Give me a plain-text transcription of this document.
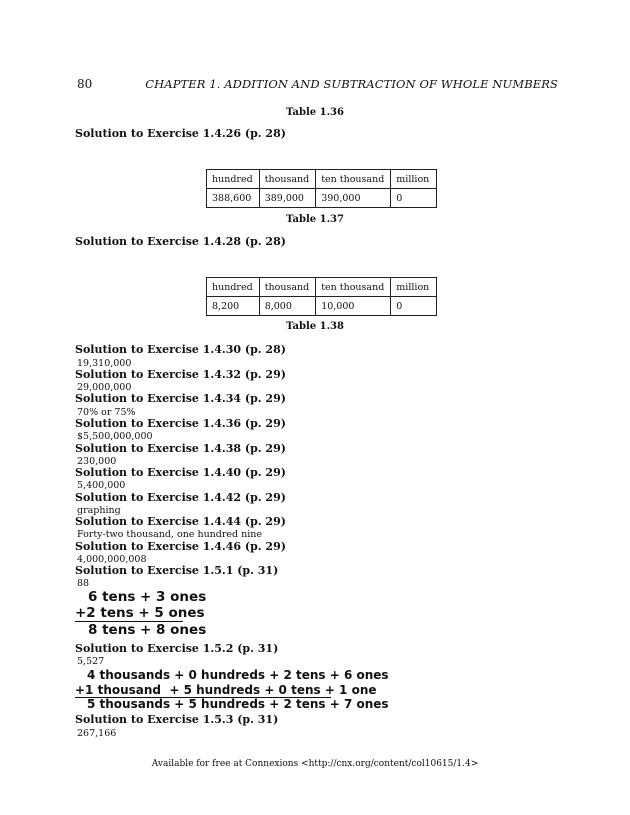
80	CHAPTER 1. ADDITION AND SUBTRACTION OF WHOLE NUMBERS
Table 1.36
Solution to Exercise 1.4.26 (p. 28)
hundred	thousand	ten thousand	million
388,600	389,000	390,000	0
Table 1.37
Solution to Exercise 1.4.28 (p. 28)
hundred	thousand	ten thousand	million
8,200	8,000	10,000	0
Table 1.38
Solution to Exercise 1.4.30 (p. 28)
19,310,000
Solution to Exercise 1.4.32 (p. 29)
29,000,000
Solution to Exercise 1.4.34 (p. 29)
70% or 75%
Solution to Exercise 1.4.36 (p. 29)
$5,500,000,000
Solution to Exercise 1.4.38 (p. 29)
230,000
Solution to Exercise 1.4.40 (p. 29)
5,400,000
Solution to Exercise 1.4.42 (p. 29)
graphing
Solution to Exercise 1.4.44 (p. 29)
Forty-two thousand, one hundred nine
Solution to Exercise 1.4.46 (p. 29)
4,000,000,008
Solution to Exercise 1.5.1 (p. 31)
88
6 tens + 3 ones
+2 tens + 5 ones
8 tens + 8 ones
Solution to Exercise 1.5.2 (p. 31)
5,527
4 thousands + 0 hundreds + 2 tens + 6 ones
+1 thousand  + 5 hundreds + 0 tens + 1 one
5 thousands + 5 hundreds + 2 tens + 7 ones
Solution to Exercise 1.5.3 (p. 31)
267,166
Available for free at Connexions <http://cnx.org/content/col10615/1.4>
